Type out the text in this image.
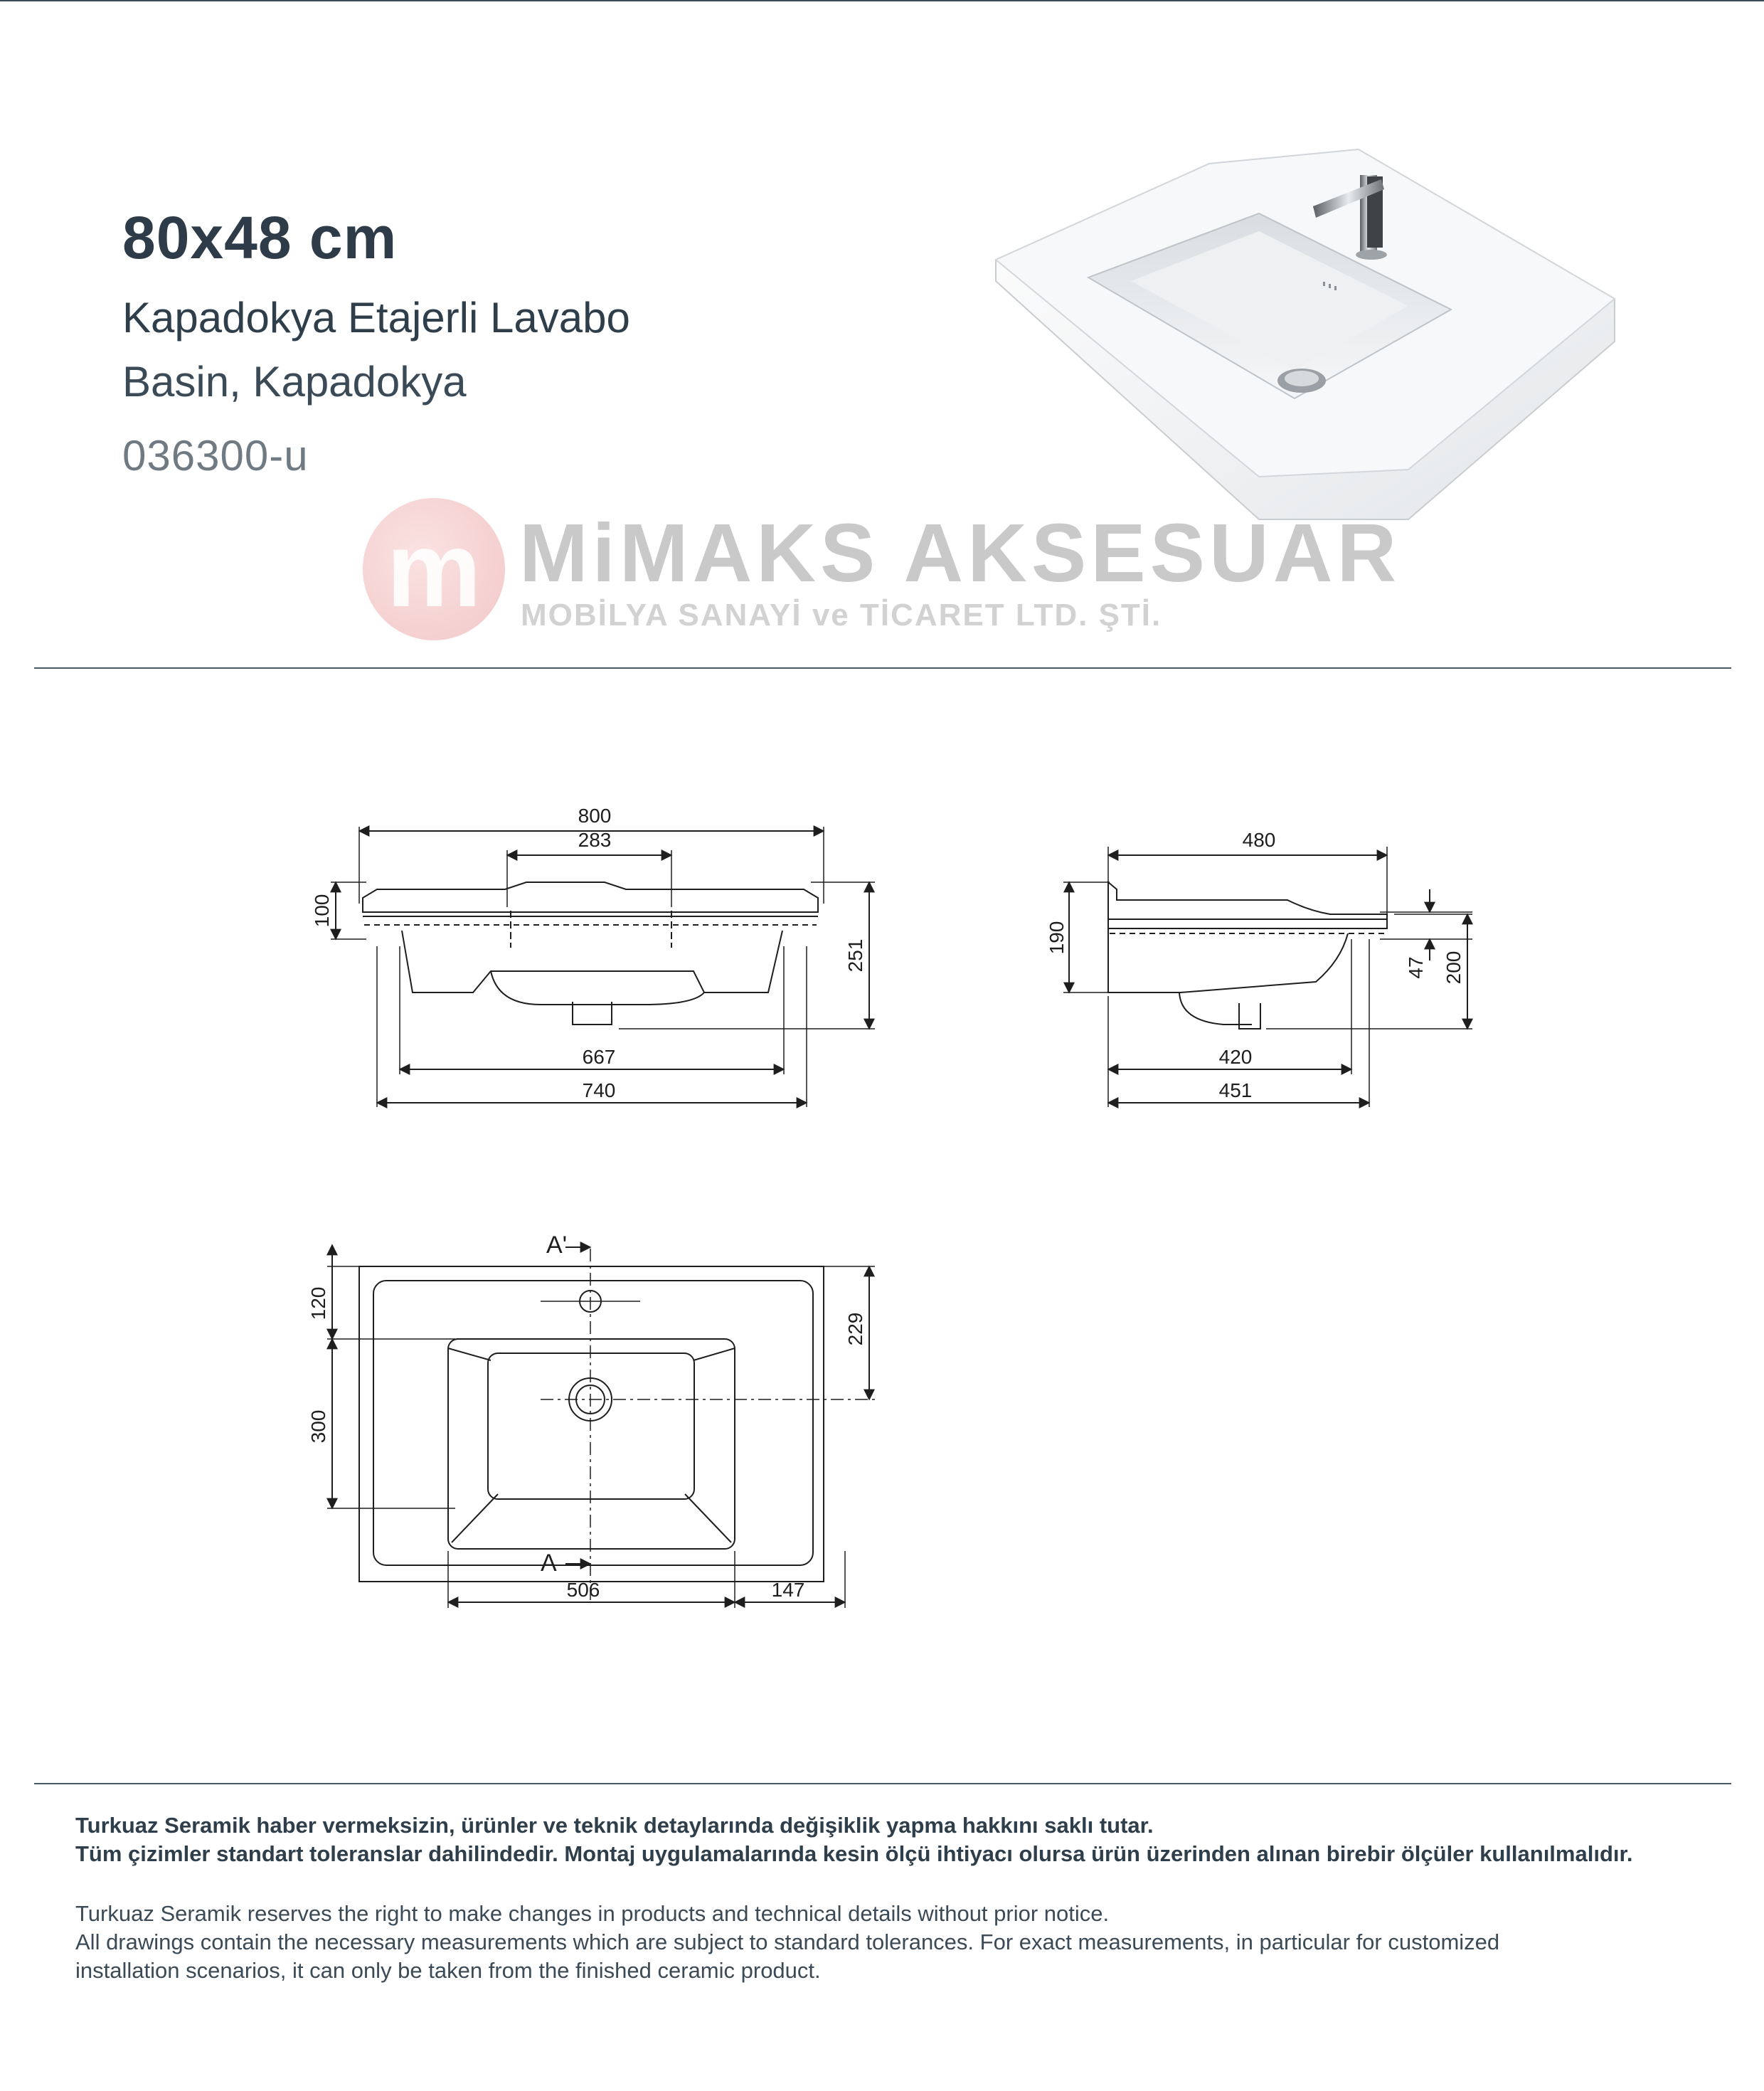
80x48 cm
Kapadokya Etajerli Lavabo
Basin, Kapadokya
036300-u
m MiMAKS AKSESUAR
MOBİLYA SANAYİ ve TİCARET LTD. ŞTİ.
800
283
100
251
667
740
480
190
47 200
420
451
120
300
229
506	147
A'
A
Turkuaz Seramik haber vermeksizin, ürünler ve teknik detaylarında değişiklik yapma hakkını saklı tutar.
Tüm çizimler standart toleranslar dahilindedir. Montaj uygulamalarında kesin ölçü ihtiyacı olursa ürün üzerinden alınan birebir ölçüler kullanılmalıdır.
Turkuaz Seramik reserves the right to make changes in products and technical details without prior notice.
All drawings contain the necessary measurements which are subject to standard tolerances. For exact measurements, in particular for customized
installation scenarios, it can only be taken from the finished ceramic product.
